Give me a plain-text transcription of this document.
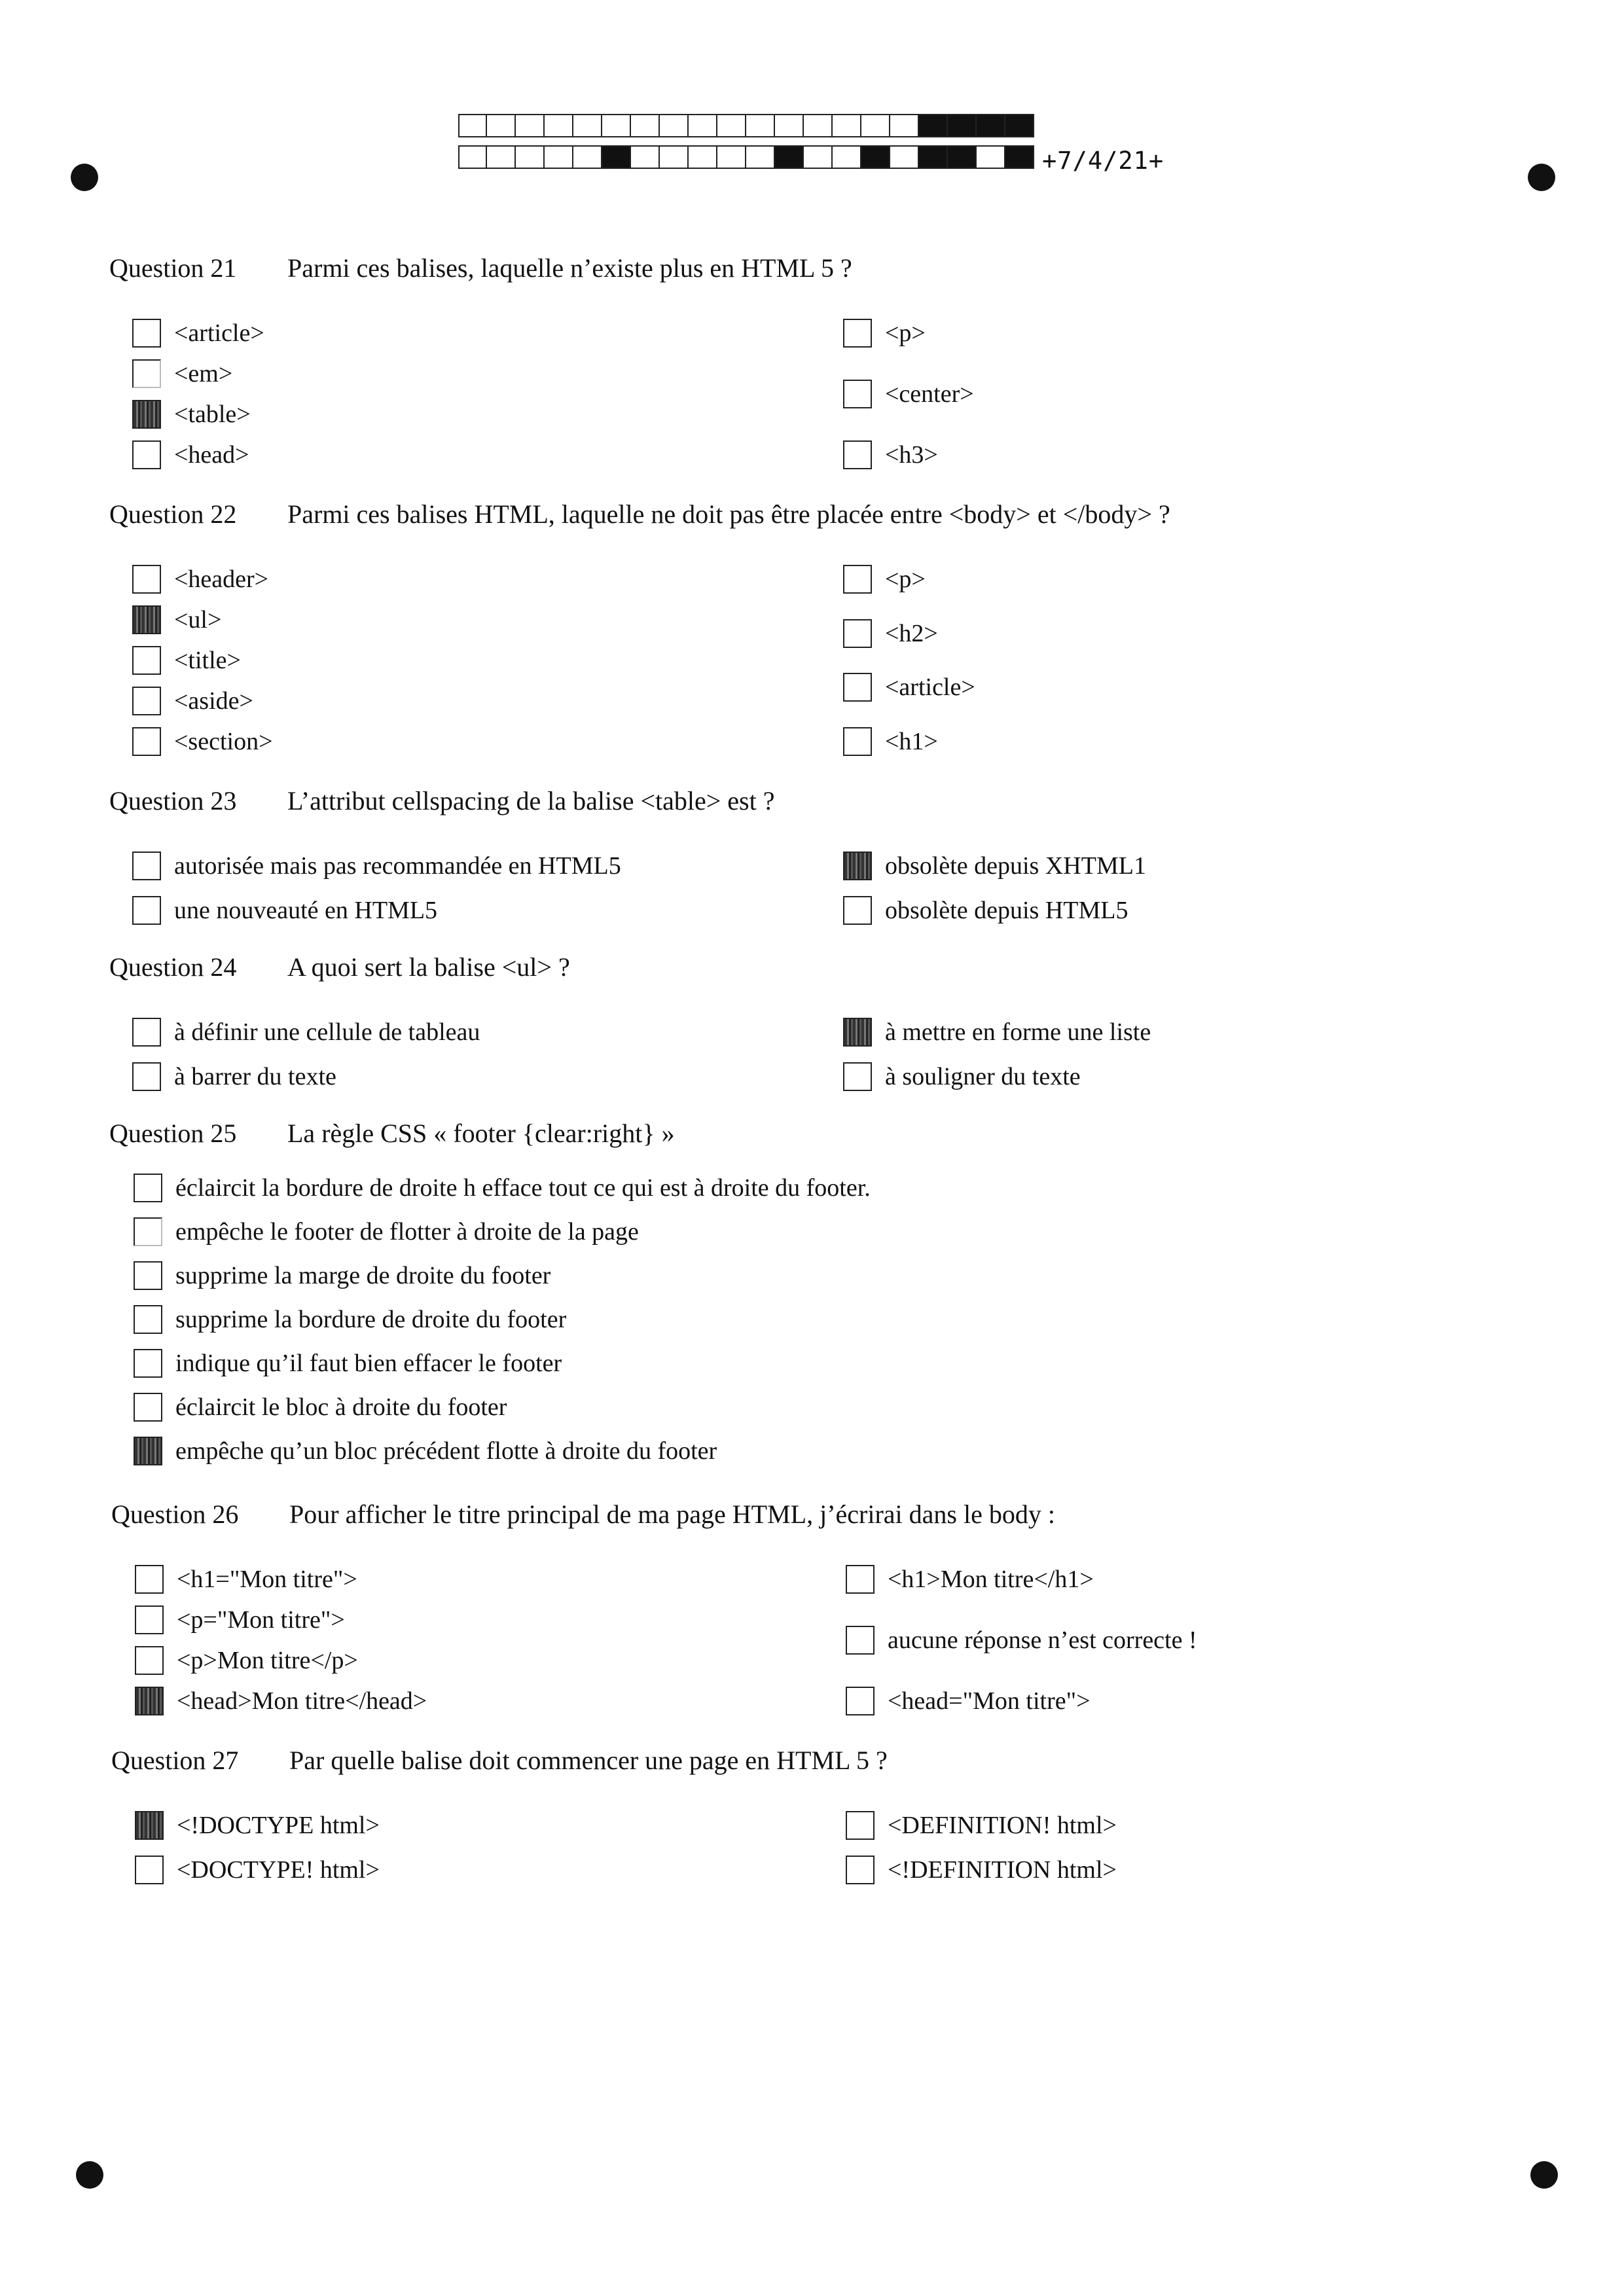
+7/4/21+
Question 21 Parmi ces balises, laquelle n’existe plus en HTML 5 ?
<article>
<em>
<table>
<head>
<p>
<center>
<h3>
Question 22 Parmi ces balises HTML, laquelle ne doit pas être placée entre <body> et </body> ?
<header>
<ul>
<title>
<aside>
<section>
<p>
<h2>
<article>
<h1>
Question 23 L’attribut cellspacing de la balise <table> est ?
autorisée mais pas recommandée en HTML5
une nouveauté en HTML5
obsolète depuis XHTML1
obsolète depuis HTML5
Question 24 A quoi sert la balise <ul> ?
à définir une cellule de tableau
à barrer du texte
à mettre en forme une liste
à souligner du texte
Question 25 La règle CSS « footer {clear:right} »
éclaircit la bordure de droite h efface tout ce qui est à droite du footer.
empêche le footer de flotter à droite de la page
supprime la marge de droite du footer
supprime la bordure de droite du footer
indique qu’il faut bien effacer le footer
éclaircit le bloc à droite du footer
empêche qu’un bloc précédent flotte à droite du footer
Question 26 Pour afficher le titre principal de ma page HTML, j’écrirai dans le body :
<h1="Mon titre">
<p="Mon titre">
<p>Mon titre</p>
<head>Mon titre</head>
<h1>Mon titre</h1>
aucune réponse n’est correcte !
<head="Mon titre">
Question 27 Par quelle balise doit commencer une page en HTML 5 ?
<!DOCTYPE html>
<DOCTYPE! html>
<DEFINITION! html>
<!DEFINITION html>
